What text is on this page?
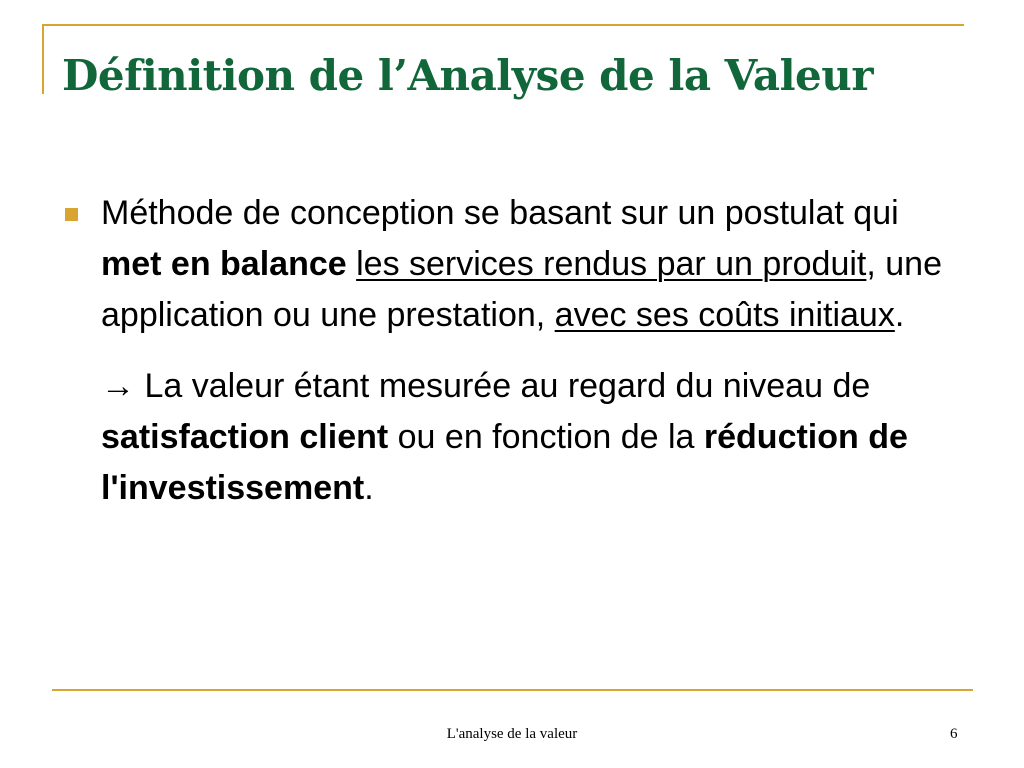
Définition de l’Analyse de la Valeur

Méthode de conception se basant sur un postulat qui met en balance les services rendus par un produit, une application ou une prestation, avec ses coûts initiaux.

→ La valeur étant mesurée au regard du niveau de satisfaction client ou en fonction de la réduction de l'investissement.

L'analyse de la valeur	6
